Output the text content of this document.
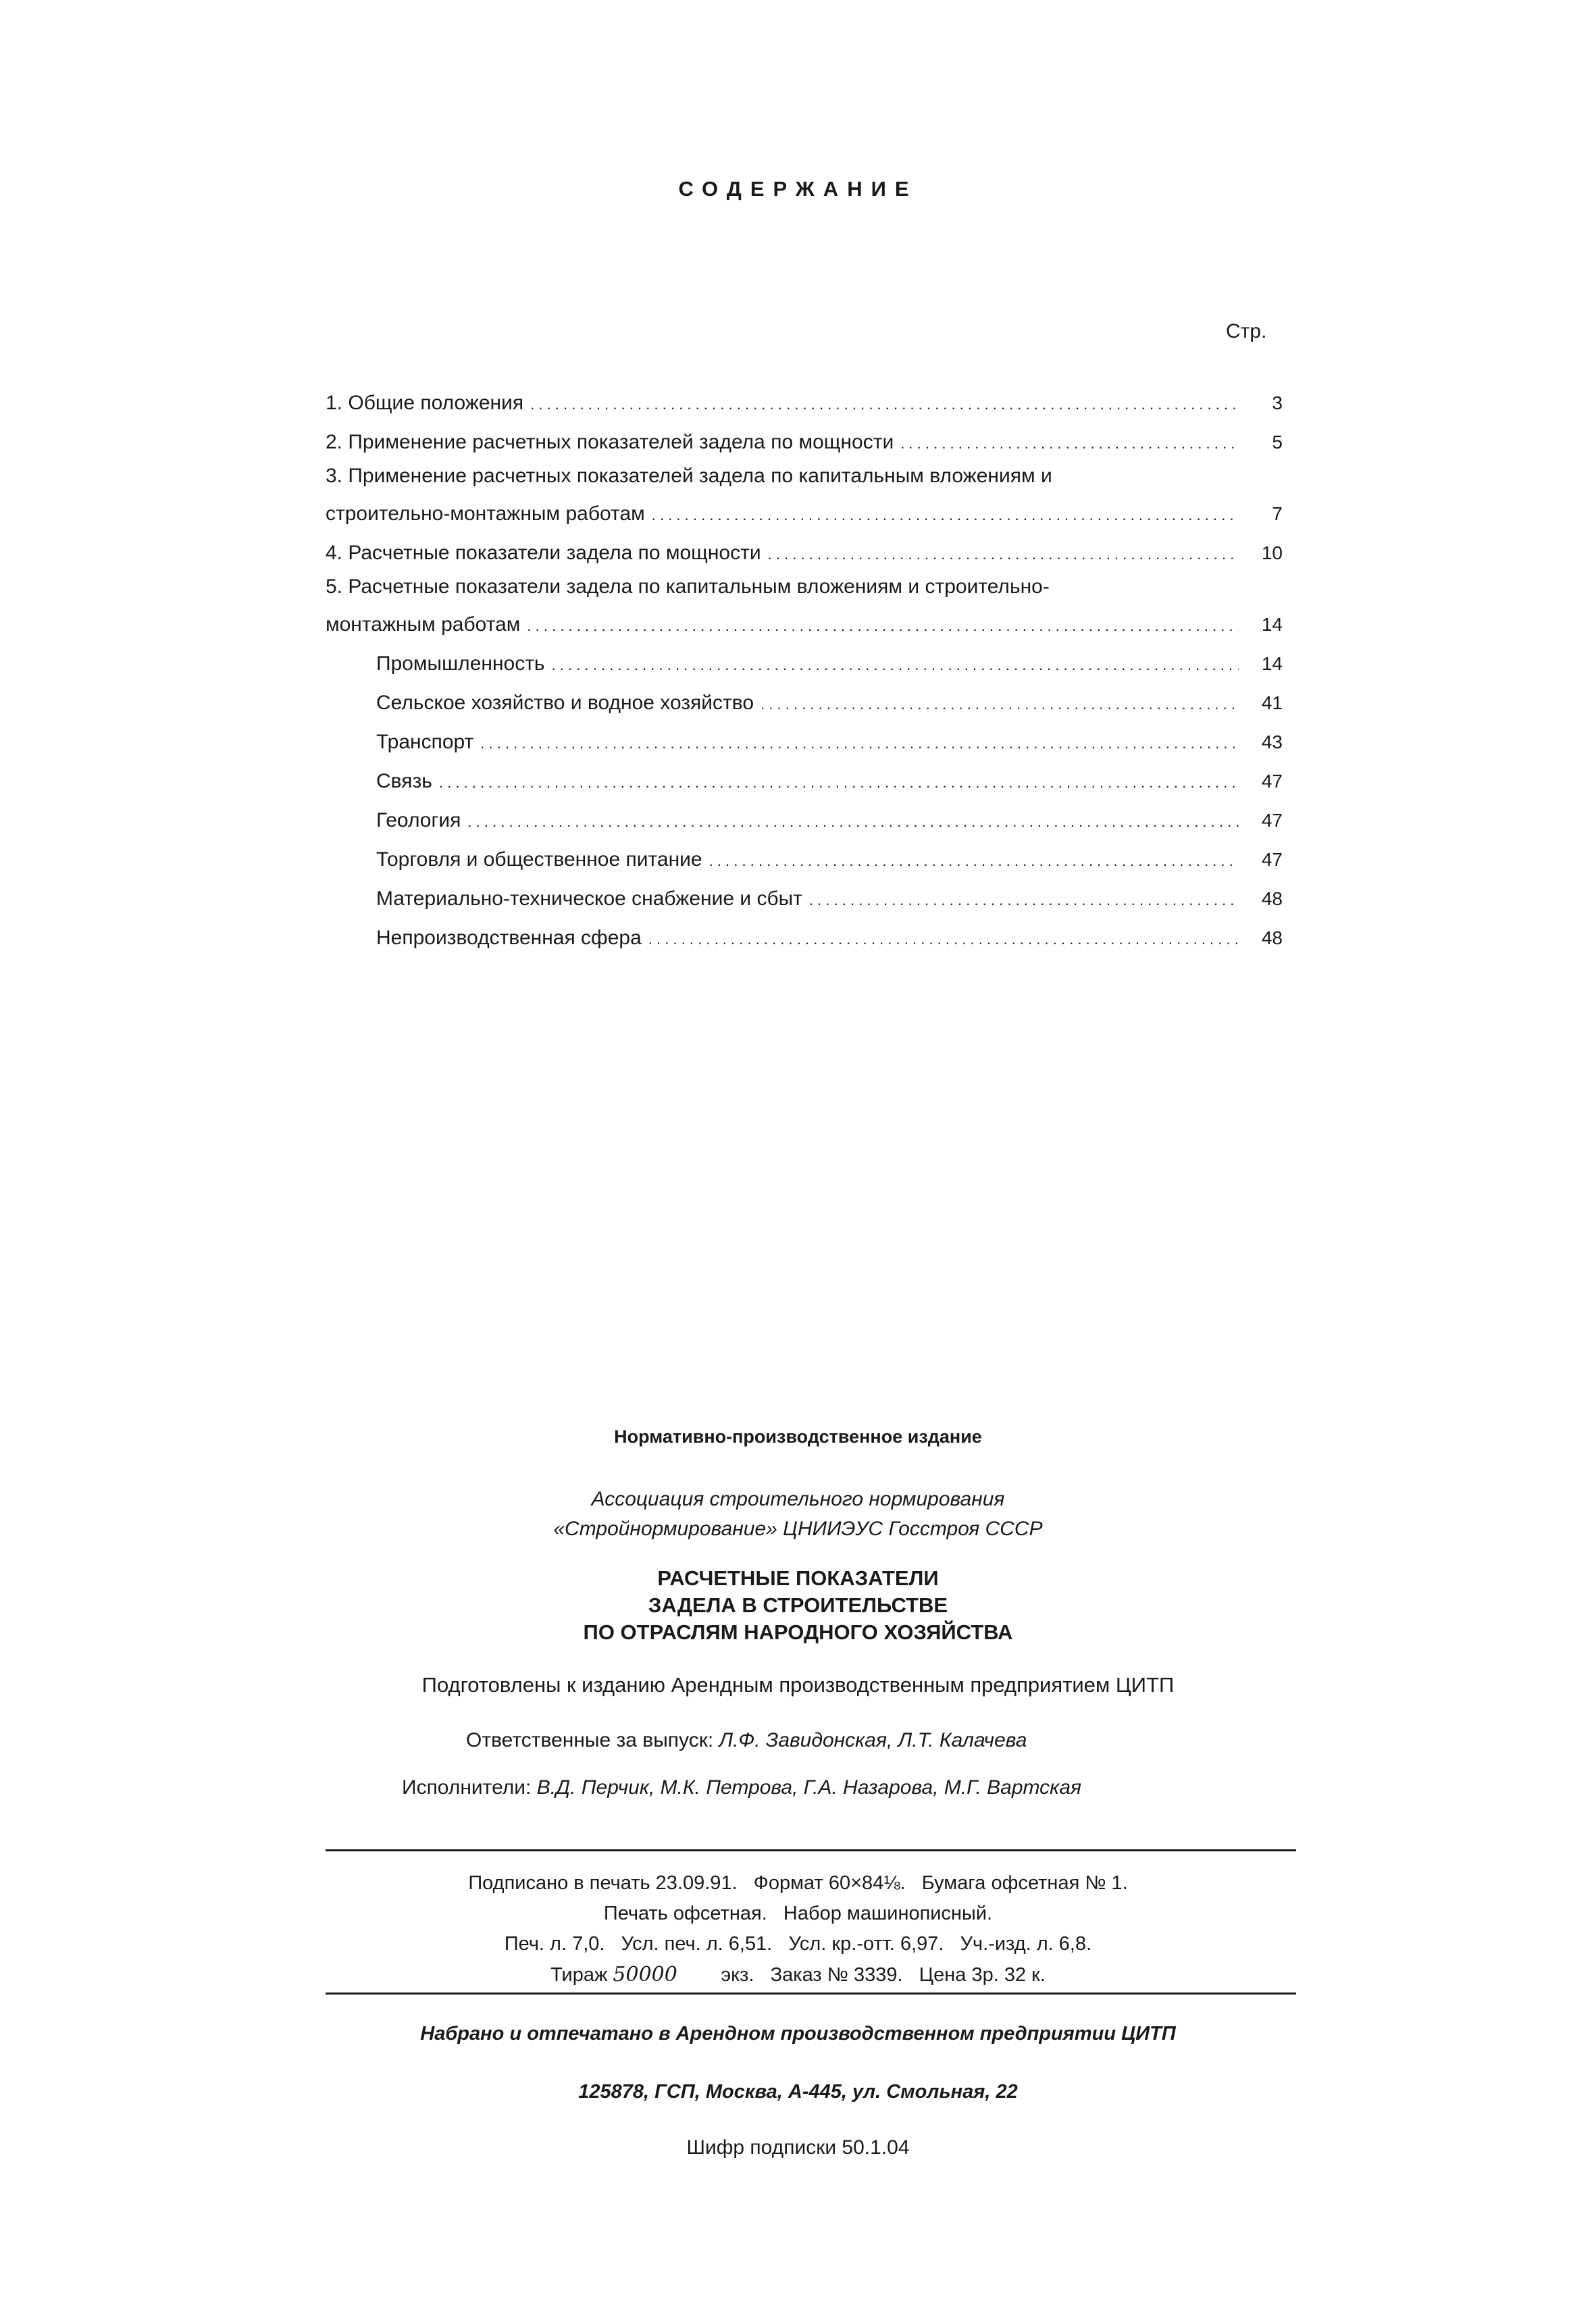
СОДЕРЖАНИЕ
Стр.
1. Общие положения . . .	3
2. Применение расчетных показателей задела по мощности . . .	5
3. Применение расчетных показателей задела по капитальным вложениям и
строительно-монтажным работам . . .	7
4. Расчетные показатели задела по мощности . . .	10
5. Расчетные показатели задела по капитальным вложениям и строительно-
монтажным работам . . .	14
Промышленность . . .	14
Сельское хозяйство и водное хозяйство . . .	41
Транспорт . . .	43
Связь . . .	47
Геология . . .	47
Торговля и общественное питание . . .	47
Материально-техническое снабжение и сбыт . . .	48
Непроизводственная сфера . . .	48
Нормативно-производственное издание
Ассоциация строительного нормирования
«Стройнормирование» ЦНИИЭУС Госстроя СССР
РАСЧЕТНЫЕ ПОКАЗАТЕЛИ
ЗАДЕЛА В СТРОИТЕЛЬСТВЕ
ПО ОТРАСЛЯМ НАРОДНОГО ХОЗЯЙСТВА
Подготовлены к изданию Арендным производственным предприятием ЦИТП
Ответственные за выпуск: Л.Ф. Завидонская, Л.Т. Калачева
Исполнители: В.Д. Перчик, М.К. Петрова, Г.А. Назарова, М.Г. Вартская
Подписано в печать 23.09.91.   Формат 60×84⅛.   Бумага офсетная № 1.
Печать офсетная.   Набор машинописный.
Печ. л. 7,0.   Усл. печ. л. 6,51.   Усл. кр.-отт. 6,97.   Уч.-изд. л. 6,8.
Тираж 50000 экз.   Заказ № 3339.   Цена 3р. 32 к.
Набрано и отпечатано в Арендном производственном предприятии ЦИТП
125878, ГСП, Москва, А-445, ул. Смольная, 22
Шифр подписки 50.1.04
